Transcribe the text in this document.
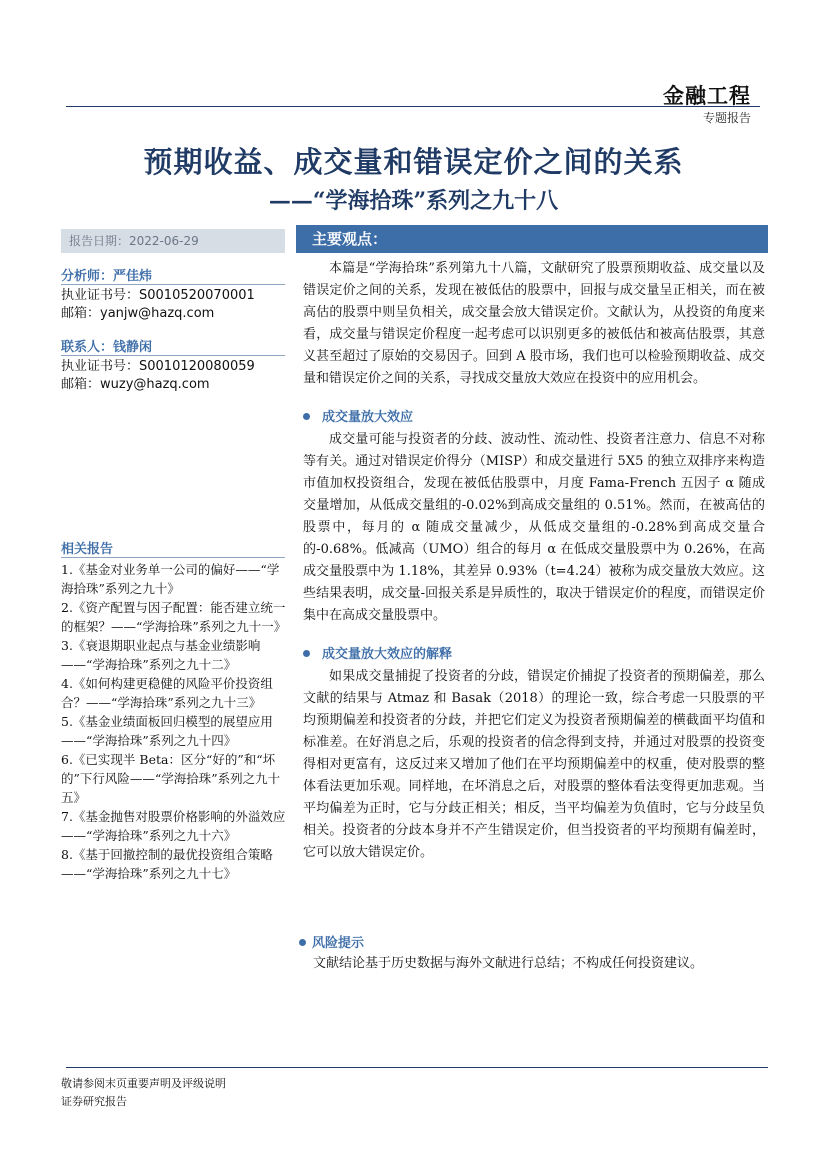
金融工程
专题报告
预期收益、成交量和错误定价之间的关系
——“学海拾珠”系列之九十八
报告日期：2022-06-29
分析师：严佳炜
执业证书号：S0010520070001
邮箱：yanjw@hazq.com
联系人：钱静闲
执业证书号：S0010120080059
邮箱：wuzy@hazq.com
相关报告
1.《基金对业务单一公司的偏好——“学海拾珠”系列之九十》
2.《资产配置与因子配置：能否建立统一的框架？——“学海拾珠”系列之九十一》
3.《衰退期职业起点与基金业绩影响——“学海拾珠”系列之九十二》
4.《如何构建更稳健的风险平价投资组合？——“学海拾珠”系列之九十三》
5.《基金业绩面板回归模型的展望应用——“学海拾珠”系列之九十四》
6.《已实现半 Beta：区分“好的”和“坏的”下行风险——“学海拾珠”系列之九十五》
7.《基金抛售对股票价格影响的外溢效应——“学海拾珠”系列之九十六》
8.《基于回撤控制的最优投资组合策略——“学海拾珠”系列之九十七》
主要观点：

本篇是“学海拾珠”系列第九十八篇，文献研究了股票预期收益、成交量以及错误定价之间的关系，发现在被低估的股票中，回报与成交量呈正相关，而在被高估的股票中则呈负相关，成交量会放大错误定价。文献认为，从投资的角度来看，成交量与错误定价程度一起考虑可以识别更多的被低估和被高估股票，其意义甚至超过了原始的交易因子。回到 A 股市场，我们也可以检验预期收益、成交量和错误定价之间的关系，寻找成交量放大效应在投资中的应用机会。

成交量放大效应

成交量可能与投资者的分歧、波动性、流动性、投资者注意力、信息不对称等有关。通过对错误定价得分（MISP）和成交量进行 5X5 的独立双排序来构造市值加权投资组合，发现在被低估股票中，月度 Fama-French 五因子 α 随成交量增加，从低成交量组的-0.02%到高成交量组的 0.51%。然而，在被高估的股票中，每月的 α 随成交量减少，从低成交量组的-0.28%到高成交量合的-0.68%。低减高（UMO）组合的每月 α 在低成交量股票中为 0.26%，在高成交量股票中为 1.18%，其差异 0.93%（t=4.24）被称为成交量放大效应。这些结果表明，成交量-回报关系是异质性的，取决于错误定价的程度，而错误定价集中在高成交量股票中。

成交量放大效应的解释

如果成交量捕捉了投资者的分歧，错误定价捕捉了投资者的预期偏差，那么文献的结果与 Atmaz 和 Basak（2018）的理论一致，综合考虑一只股票的平均预期偏差和投资者的分歧，并把它们定义为投资者预期偏差的横截面平均值和标准差。在好消息之后，乐观的投资者的信念得到支持，并通过对股票的投资变得相对更富有，这反过来又增加了他们在平均预期偏差中的权重，使对股票的整体看法更加乐观。同样地，在坏消息之后，对股票的整体看法变得更加悲观。当平均偏差为正时，它与分歧正相关；相反，当平均偏差为负值时，它与分歧呈负相关。投资者的分歧本身并不产生错误定价，但当投资者的平均预期有偏差时，它可以放大错误定价。

风险提示
文献结论基于历史数据与海外文献进行总结；不构成任何投资建议。
敬请参阅末页重要声明及评级说明
证券研究报告
